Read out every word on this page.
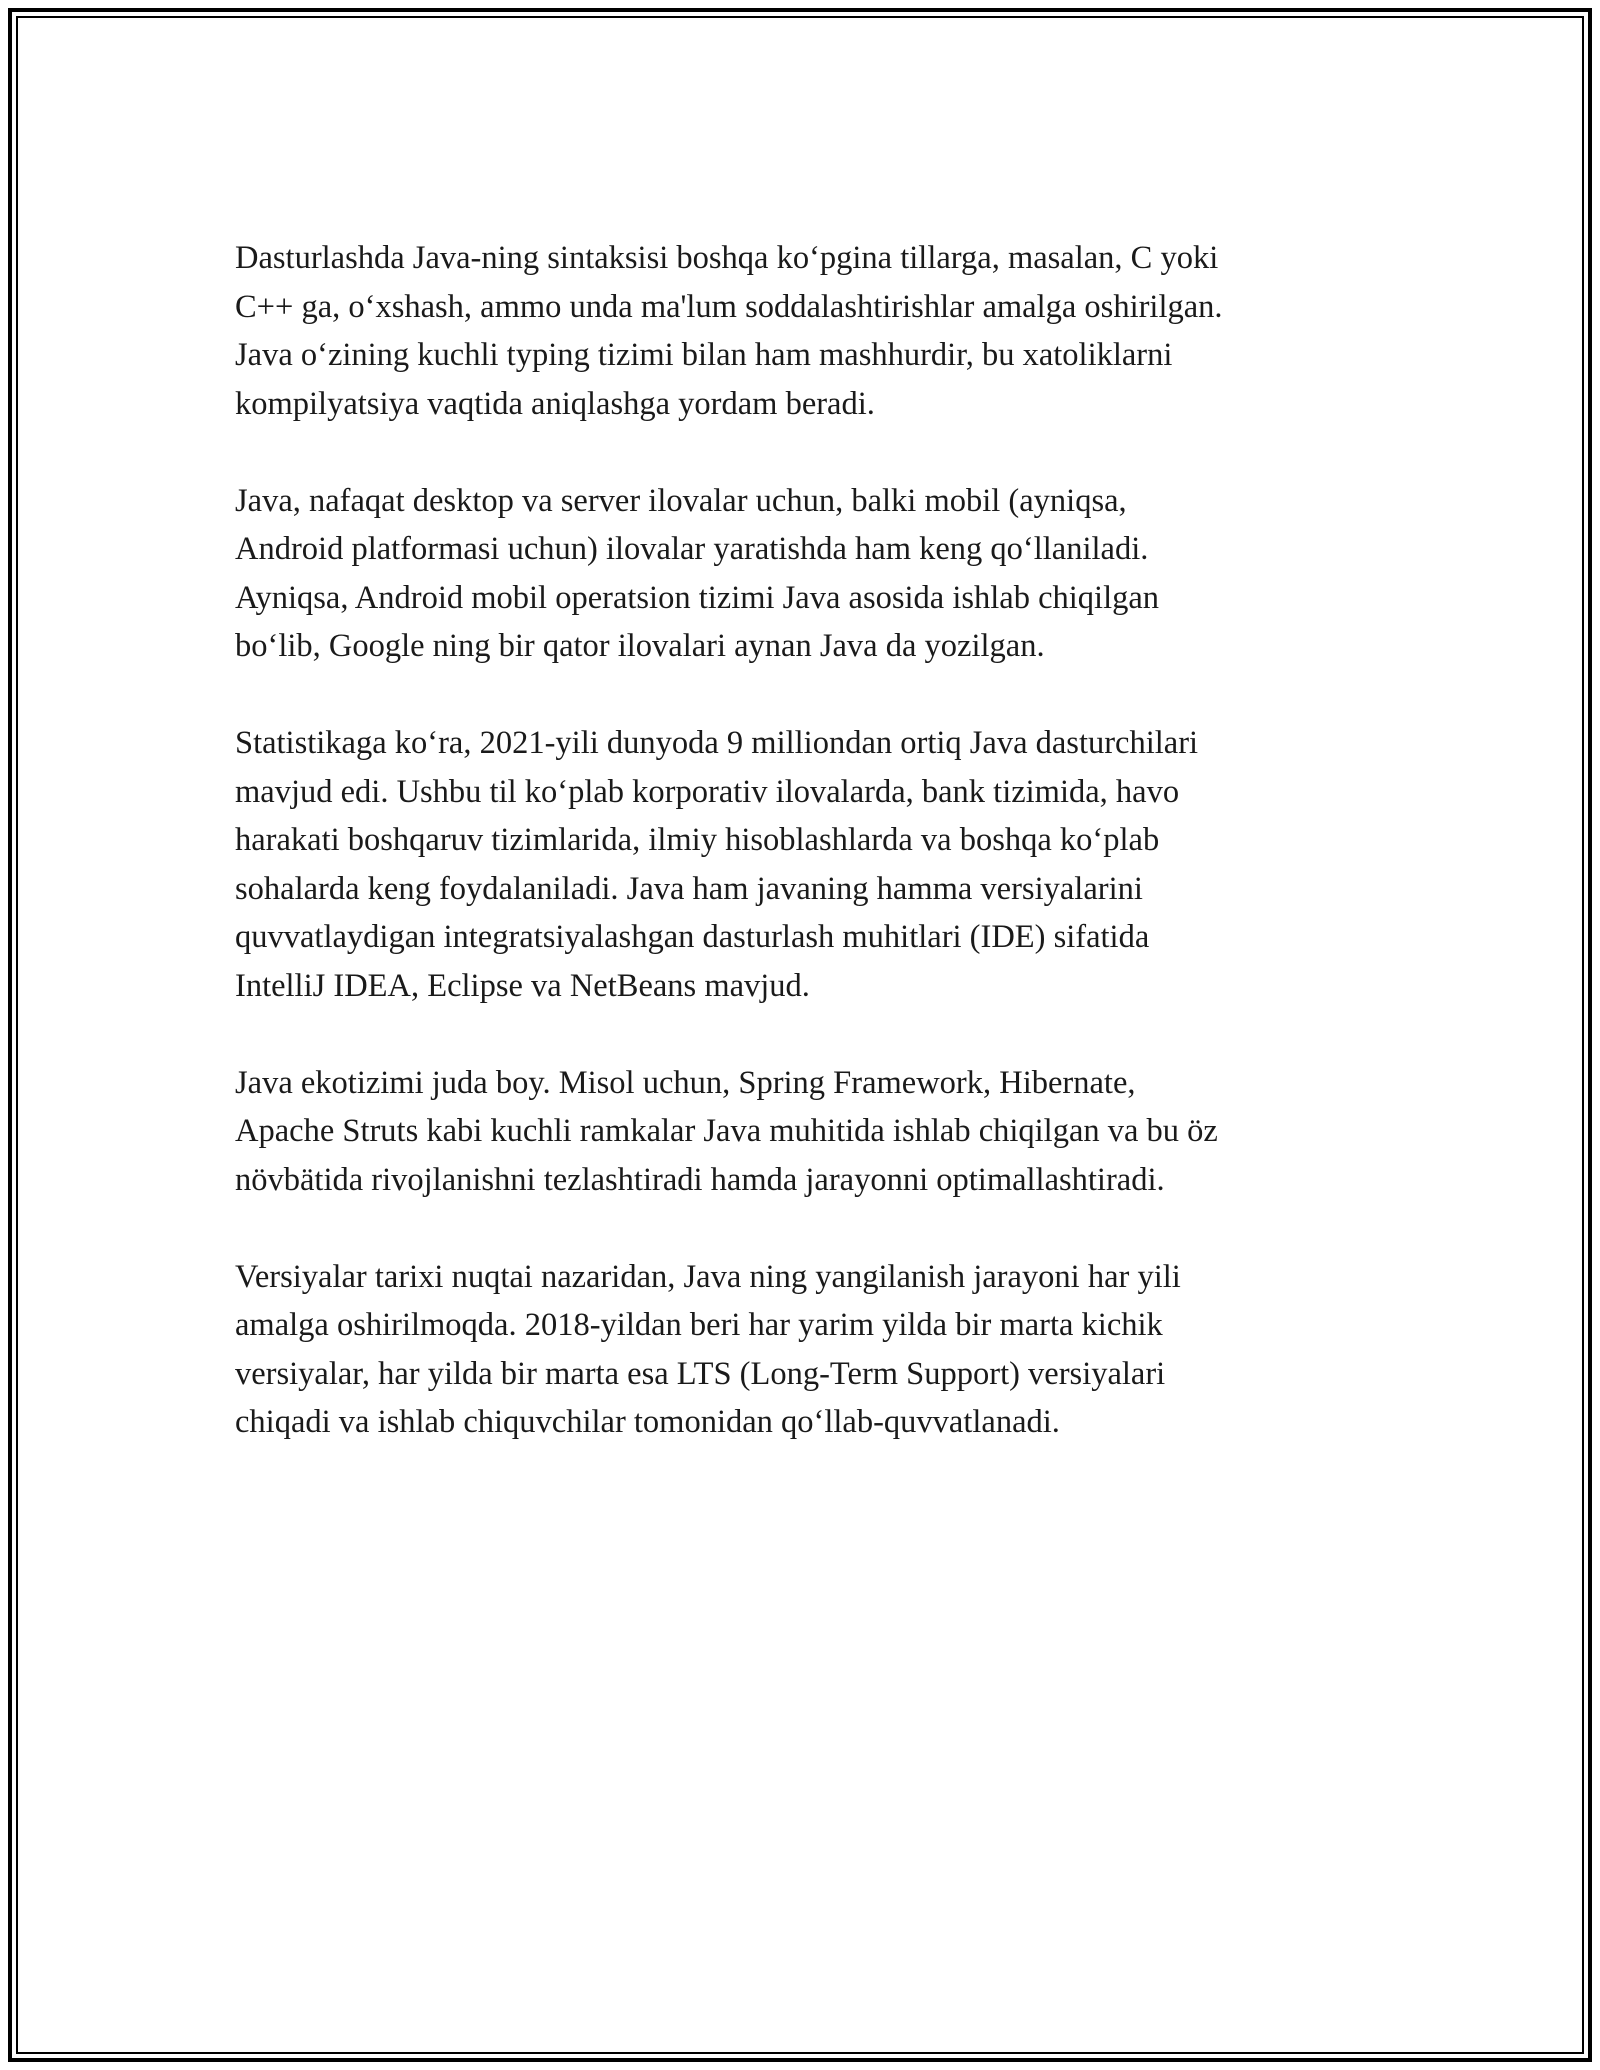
Dasturlashda Java-ning sintaksisi boshqa ko‘pgina tillarga, masalan, C yoki
C++ ga, o‘xshash, ammo unda ma'lum soddalashtirishlar amalga oshirilgan.
Java o‘zining kuchli typing tizimi bilan ham mashhurdir, bu xatoliklarni
kompilyatsiya vaqtida aniqlashga yordam beradi.

Java, nafaqat desktop va server ilovalar uchun, balki mobil (ayniqsa,
Android platformasi uchun) ilovalar yaratishda ham keng qo‘llaniladi.
Ayniqsa, Android mobil operatsion tizimi Java asosida ishlab chiqilgan
bo‘lib, Google ning bir qator ilovalari aynan Java da yozilgan.

Statistikaga ko‘ra, 2021-yili dunyoda 9 milliondan ortiq Java dasturchilari
mavjud edi. Ushbu til ko‘plab korporativ ilovalarda, bank tizimida, havo
harakati boshqaruv tizimlarida, ilmiy hisoblashlarda va boshqa ko‘plab
sohalarda keng foydalaniladi. Java ham javaning hamma versiyalarini
quvvatlaydigan integratsiyalashgan dasturlash muhitlari (IDE) sifatida
IntelliJ IDEA, Eclipse va NetBeans mavjud.

Java ekotizimi juda boy. Misol uchun, Spring Framework, Hibernate,
Apache Struts kabi kuchli ramkalar Java muhitida ishlab chiqilgan va bu öz
növbätida rivojlanishni tezlashtiradi hamda jarayonni optimallashtiradi.

Versiyalar tarixi nuqtai nazaridan, Java ning yangilanish jarayoni har yili
amalga oshirilmoqda. 2018-yildan beri har yarim yilda bir marta kichik
versiyalar, har yilda bir marta esa LTS (Long-Term Support) versiyalari
chiqadi va ishlab chiquvchilar tomonidan qo‘llab-quvvatlanadi.
